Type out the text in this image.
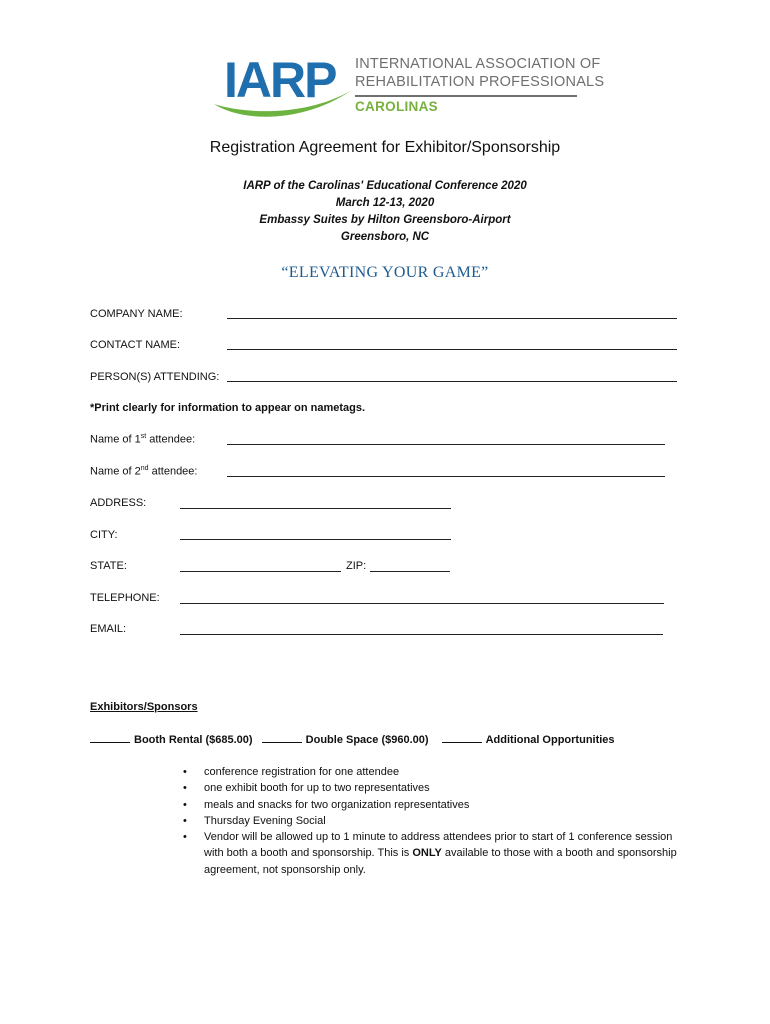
IARP INTERNATIONAL ASSOCIATION OF
REHABILITATION PROFESSIONALS
CAROLINAS
Registration Agreement for Exhibitor/Sponsorship
IARP of the Carolinas' Educational Conference 2020
March 12-13, 2020
Embassy Suites by Hilton Greensboro-Airport
Greensboro, NC
“ELEVATING YOUR GAME”
COMPANY NAME:
CONTACT NAME:
PERSON(S) ATTENDING:
*Print clearly for information to appear on nametags.
Name of 1st attendee:
Name of 2nd attendee:
ADDRESS:
CITY:
STATE:	ZIP:
TELEPHONE:
EMAIL:
Exhibitors/Sponsors
Booth Rental ($685.00)	Double Space ($960.00)	Additional Opportunities
• conference registration for one attendee
• one exhibit booth for up to two representatives
• meals and snacks for two organization representatives
• Thursday Evening Social
• Vendor will be allowed up to 1 minute to address attendees prior to start of 1 conference session with both a booth and sponsorship. This is ONLY available to those with a booth and sponsorship agreement, not sponsorship only.
